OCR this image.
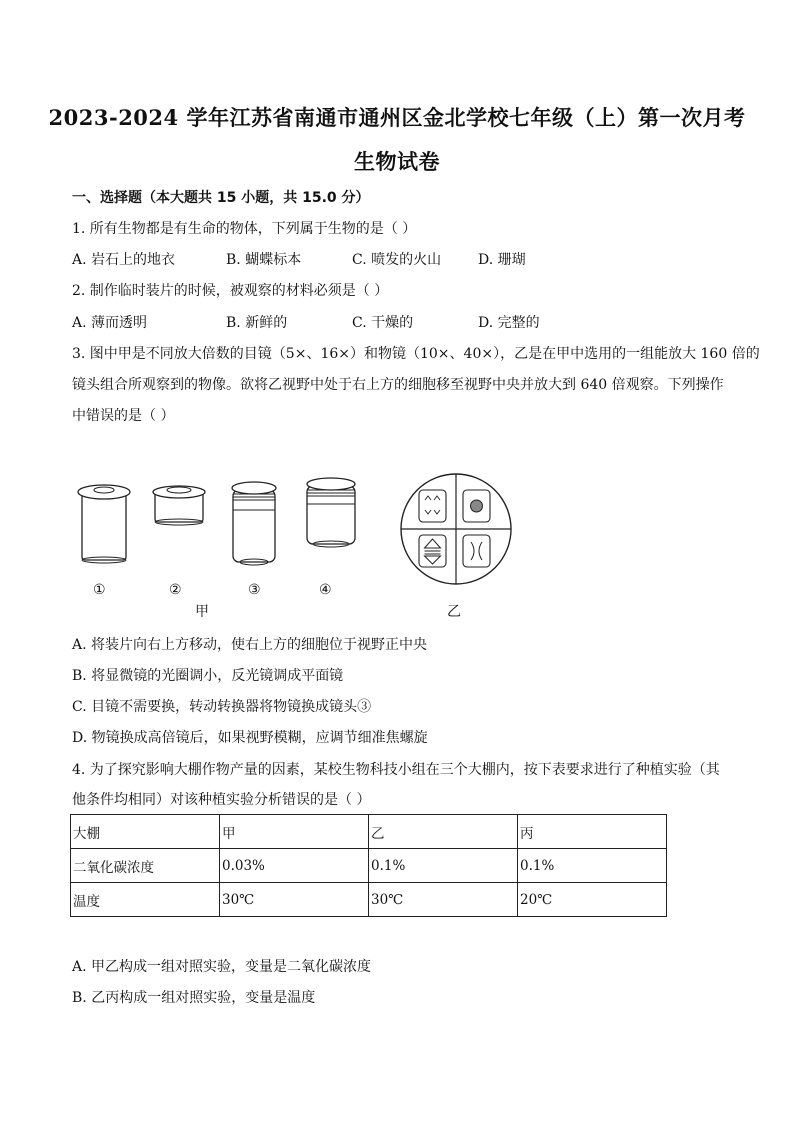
2023-2024 学年江苏省南通市通州区金北学校七年级（上）第一次月考
生物试卷
一、选择题（本大题共 15 小题，共 15.0 分）
1. 所有生物都是有生命的物体，下列属于生物的是（ ）
A. 岩石上的地衣	B. 蝴蝶标本	C. 喷发的火山	D. 珊瑚
2. 制作临时装片的时候，被观察的材料必须是（ ）
A. 薄而透明	B. 新鲜的	C. 干燥的	D. 完整的
3. 图中甲是不同放大倍数的目镜（5×、16×）和物镜（10×、40×），乙是在甲中选用的一组能放大 160 倍的
镜头组合所观察到的物像。欲将乙视野中处于右上方的细胞移至视野中央并放大到 640 倍观察。下列操作
中错误的是（ ）
①	②	③	④
甲	乙
A. 将装片向右上方移动，使右上方的细胞位于视野正中央
B. 将显微镜的光圈调小，反光镜调成平面镜
C. 目镜不需要换，转动转换器将物镜换成镜头③
D. 物镜换成高倍镜后，如果视野模糊，应调节细准焦螺旋
4. 为了探究影响大棚作物产量的因素，某校生物科技小组在三个大棚内，按下表要求进行了种植实验（其
他条件均相同）对该种植实验分析错误的是（ ）
大棚	甲	乙	丙
二氧化碳浓度	0.03%	0.1%	0.1%
温度	30℃	30℃	20℃
A. 甲乙构成一组对照实验，变量是二氧化碳浓度
B. 乙丙构成一组对照实验，变量是温度
